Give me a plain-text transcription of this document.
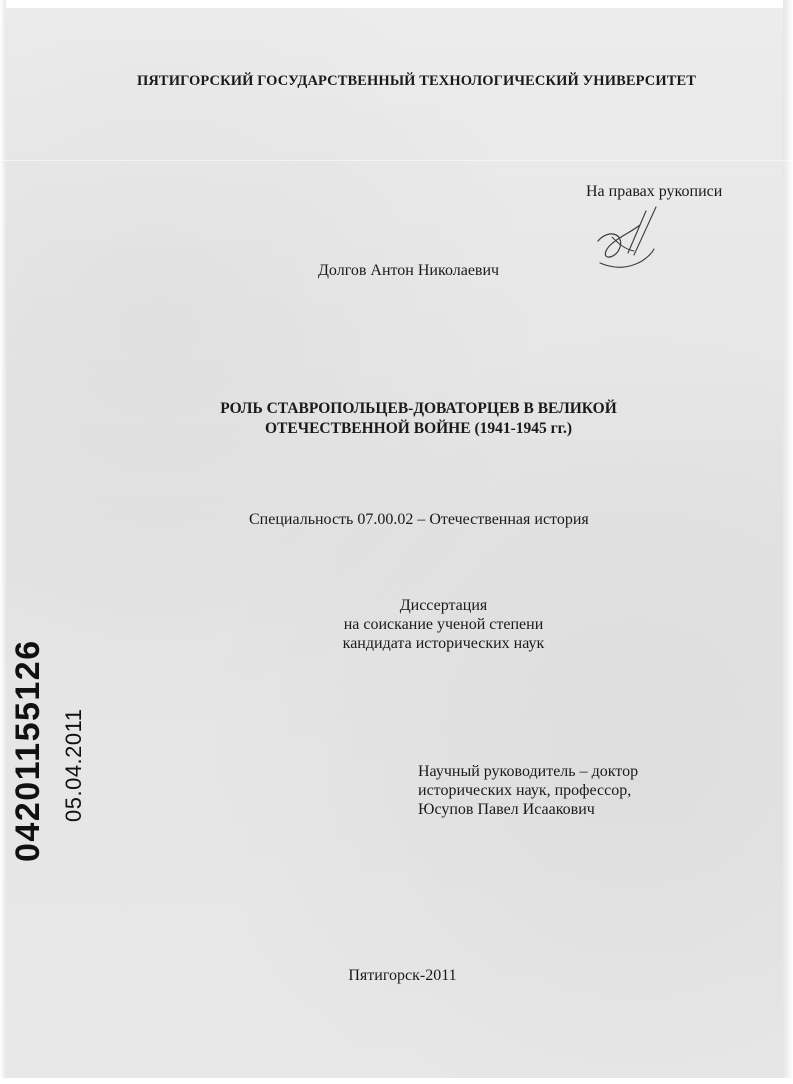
ПЯТИГОРСКИЙ ГОСУДАРСТВЕННЫЙ ТЕХНОЛОГИЧЕСКИЙ УНИВЕРСИТЕТ
На правах рукописи
Долгов Антон Николаевич
РОЛЬ СТАВРОПОЛЬЦЕВ-ДОВАТОРЦЕВ В ВЕЛИКОЙ
ОТЕЧЕСТВЕННОЙ ВОЙНЕ (1941-1945 гг.)
Специальность 07.00.02 – Отечественная история
Диссертация
на соискание ученой степени
кандидата исторических наук
Научный руководитель – доктор
исторических наук, профессор,
Юсупов Павел Исаакович
Пятигорск-2011
04201155126 05.04.2011
